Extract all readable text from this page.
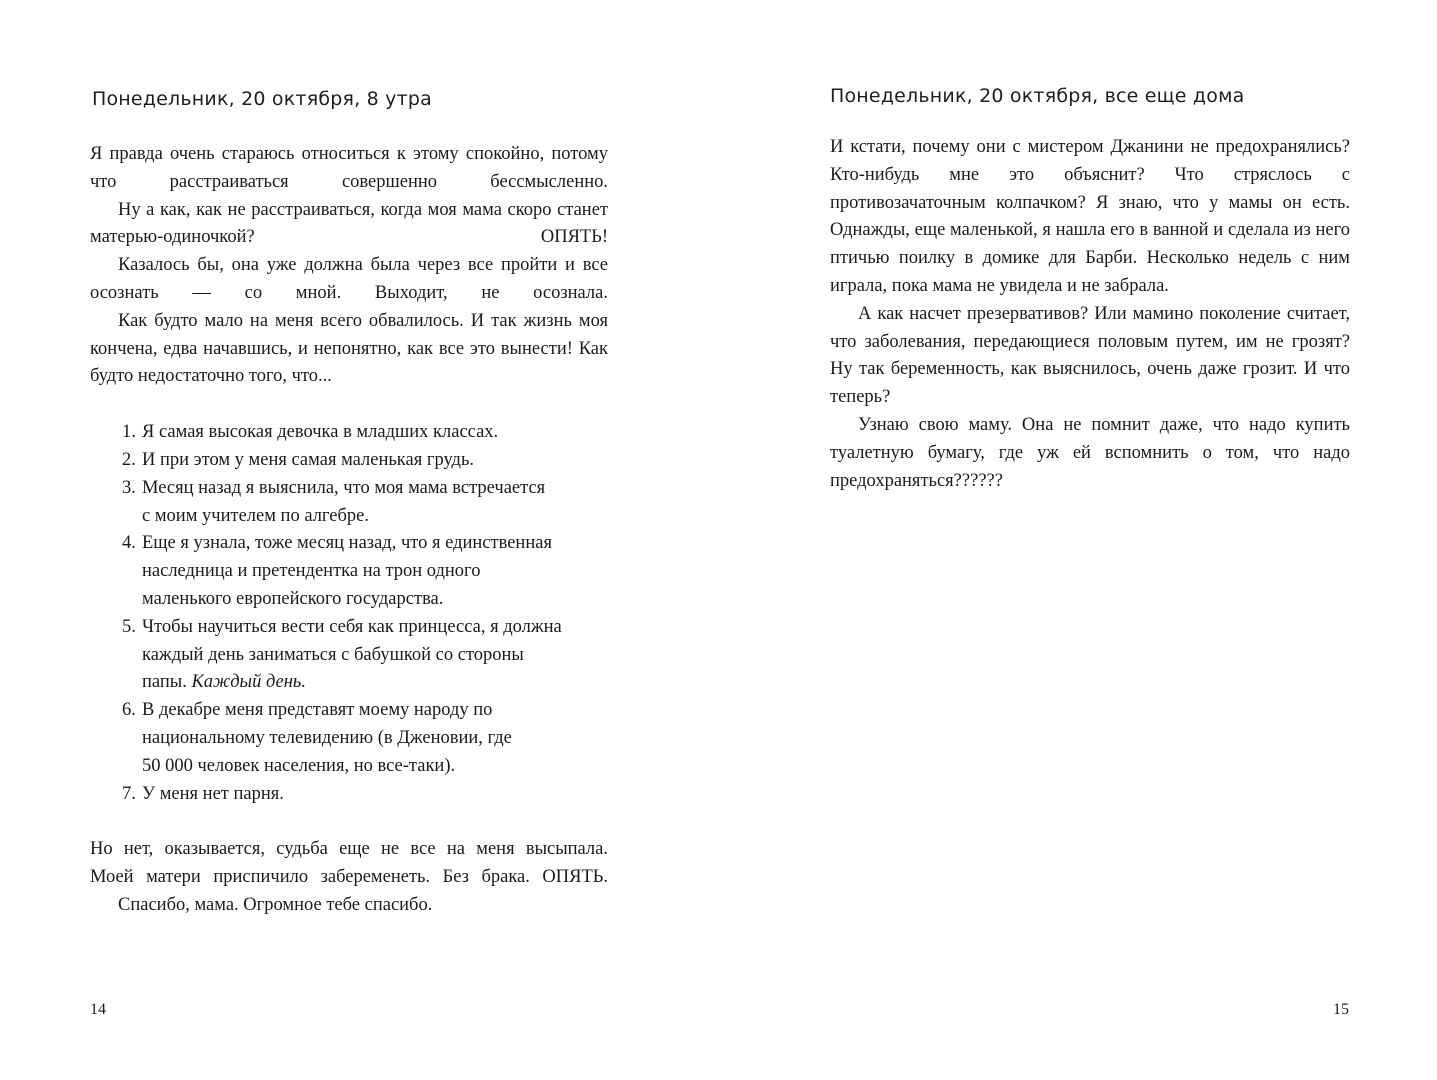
Понедельник, 20 октября, 8 утра

Я правда очень стараюсь относиться к этому спокойно, потому что расстраиваться совершенно бессмысленно.

Ну а как, как не расстраиваться, когда моя мама скоро станет матерью-одиночкой? ОПЯТЬ!

Казалось бы, она уже должна была через все пройти и все осознать — со мной. Выходит, не осознала.

Как будто мало на меня всего обвалилось. И так жизнь моя кончена, едва начавшись, и непонятно, как все это вынести! Как будто недостаточно того, что...

1. Я самая высокая девочка в младших классах.
2. И при этом у меня самая маленькая грудь.
3. Месяц назад я выяснила, что моя мама встречается
с моим учителем по алгебре.
4. Еще я узнала, тоже месяц назад, что я единственная
наследница и претендентка на трон одного
маленького европейского государства.
5. Чтобы научиться вести себя как принцесса, я должна
каждый день заниматься с бабушкой со стороны
папы. Каждый день.
6. В декабре меня представят моему народу по
национальному телевидению (в Дженовии, где
50 000 человек населения, но все-таки).
7. У меня нет парня.

Но нет, оказывается, судьба еще не все на меня высыпала.

Моей матери приспичило забеременеть. Без брака. ОПЯТЬ.

Спасибо, мама. Огромное тебе спасибо.

14
Понедельник, 20 октября, все еще дома

И кстати, почему они с мистером Джанини не предохранялись? Кто-нибудь мне это объяснит? Что стряслось с противозачаточным колпачком? Я знаю, что у мамы он есть. Однажды, еще маленькой, я нашла его в ванной и сделала из него птичью поилку в домике для Барби. Несколько недель с ним играла, пока мама не увидела и не забрала.

А как насчет презервативов? Или мамино поколение считает, что заболевания, передающиеся половым путем, им не грозят? Ну так беременность, как выяснилось, очень даже грозит. И что теперь?

Узнаю свою маму. Она не помнит даже, что надо купить туалетную бумагу, где уж ей вспомнить о том, что надо предохраняться??????

15
